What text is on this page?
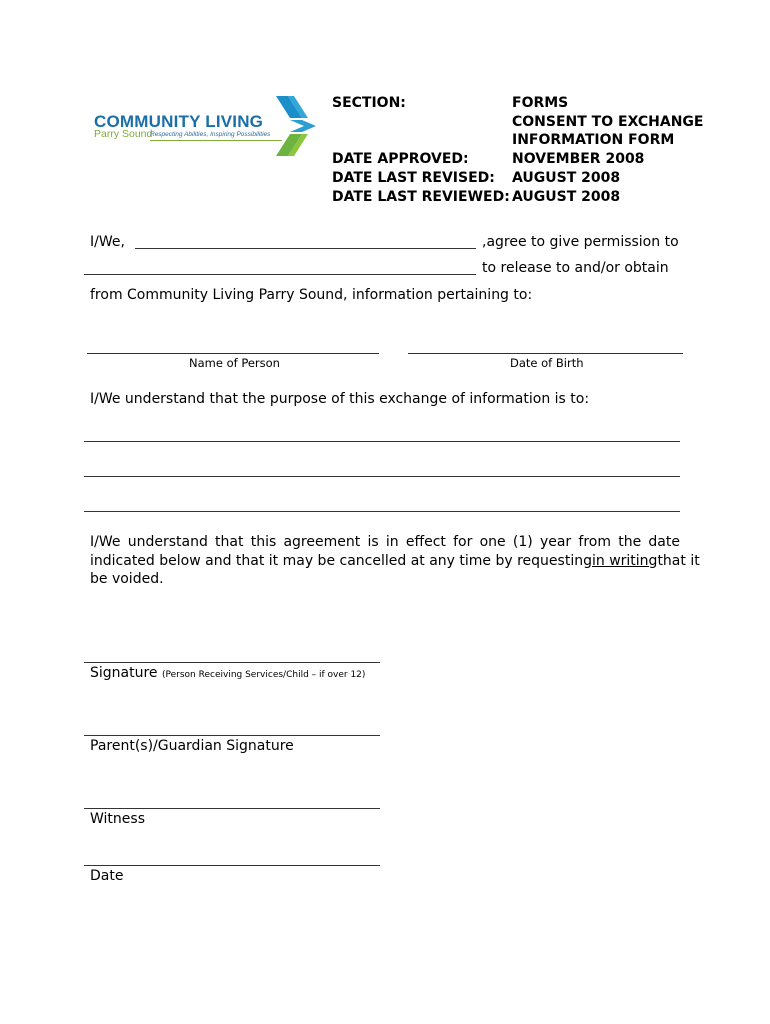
COMMUNITY LIVING
Parry Sound
Respecting Abilities, Inspiring Possibilities
SECTION:	FORMS
CONSENT TO EXCHANGE
INFORMATION FORM
DATE APPROVED:	NOVEMBER 2008
DATE LAST REVISED: AUGUST 2008
DATE LAST REVIEWED: AUGUST 2008
I/We,	,agree to give permission to
to release to and/or obtain
from Community Living Parry Sound, information pertaining to:
Name of Person	Date of Birth
I/We understand that the purpose of this exchange of information is to:
I/We understand that this agreement is in effect for one (1) year from the date
indicated below and that it may be cancelled at any time by requesting in writing that it
be voided.
Signature (Person Receiving Services/Child – if over 12)
Parent(s)/Guardian Signature
Witness
Date
